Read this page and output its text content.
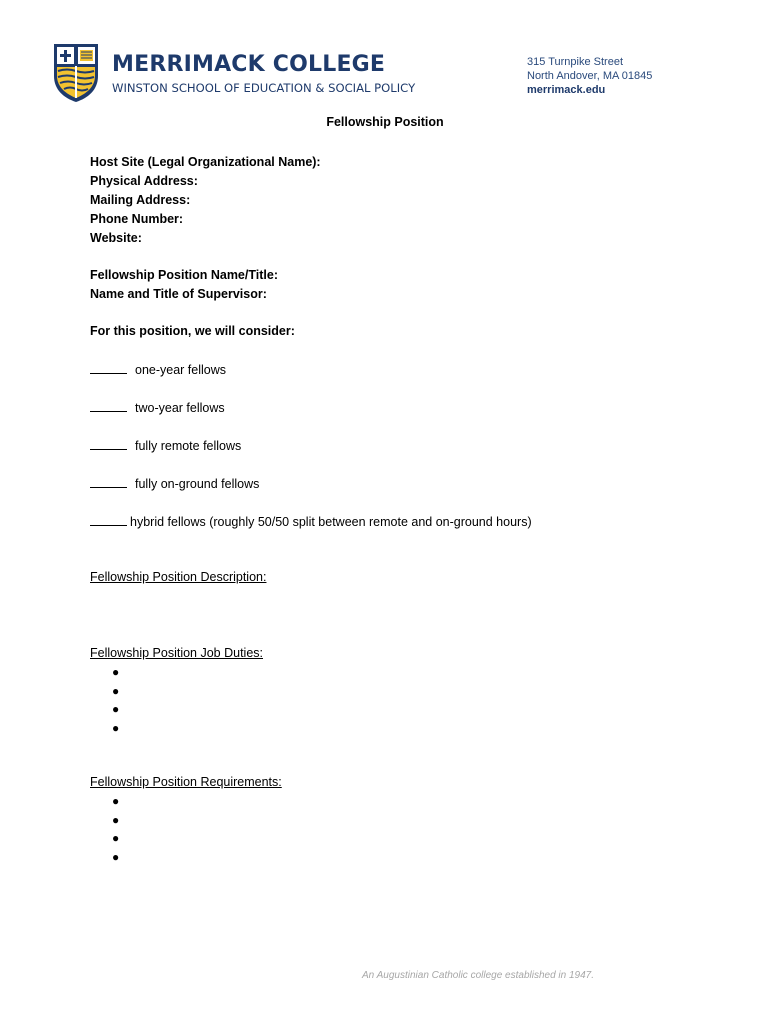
MERRIMACK COLLEGE
WINSTON SCHOOL OF EDUCATION & SOCIAL POLICY
315 Turnpike Street
North Andover, MA 01845
merrimack.edu
Fellowship Position
Host Site (Legal Organizational Name):
Physical Address:
Mailing Address:
Phone Number:
Website:
Fellowship Position Name/Title:
Name and Title of Supervisor:
For this position, we will consider:
one-year fellows
two-year fellows
fully remote fellows
fully on-ground fellows
hybrid fellows (roughly 50/50 split between remote and on-ground hours)
Fellowship Position Description:
Fellowship Position Job Duties:
●
●
●
●
Fellowship Position Requirements:
●
●
●
●
An Augustinian Catholic college established in 1947.
